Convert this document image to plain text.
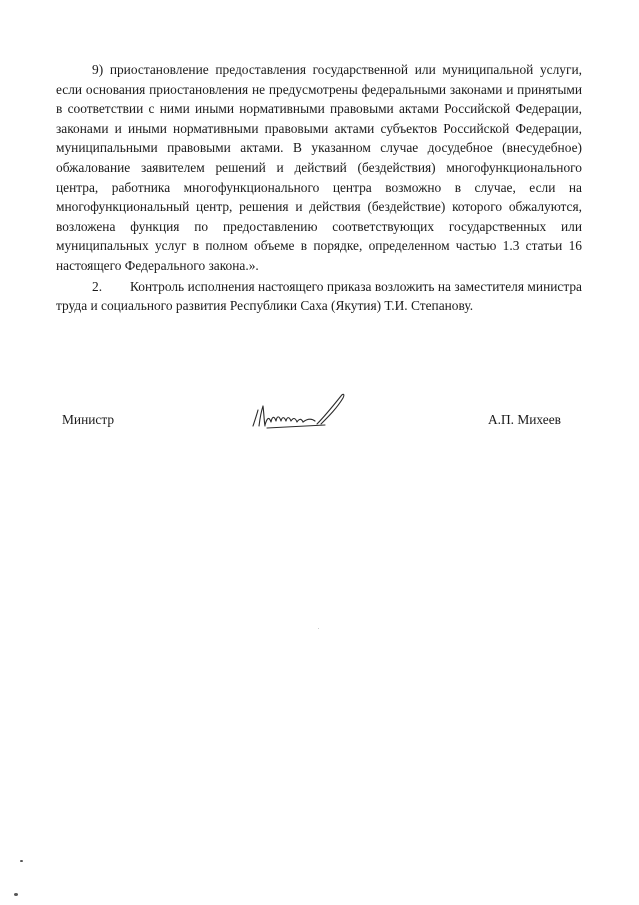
9) приостановление предоставления государственной или муниципальной услуги, если основания приостановления не предусмотрены федеральными законами и принятыми в соответствии с ними иными нормативными правовыми актами Российской Федерации, законами и иными нормативными правовыми актами субъектов Российской Федерации, муниципальными правовыми актами. В указанном случае досудебное (внесудебное) обжалование заявителем решений и действий (бездействия) многофункционального центра, работника многофункционального центра возможно в случае, если на многофункциональный центр, решения и действия (бездействие) которого обжалуются, возложена функция по предоставлению соответствующих государственных или муниципальных услуг в полном объеме в порядке, определенном частью 1.3 статьи 16 настоящего Федерального закона.».

2. Контроль исполнения настоящего приказа возложить на заместителя министра труда и социального развития Республики Саха (Якутия) Т.И. Степанову.

Министр	А.П. Михеев
